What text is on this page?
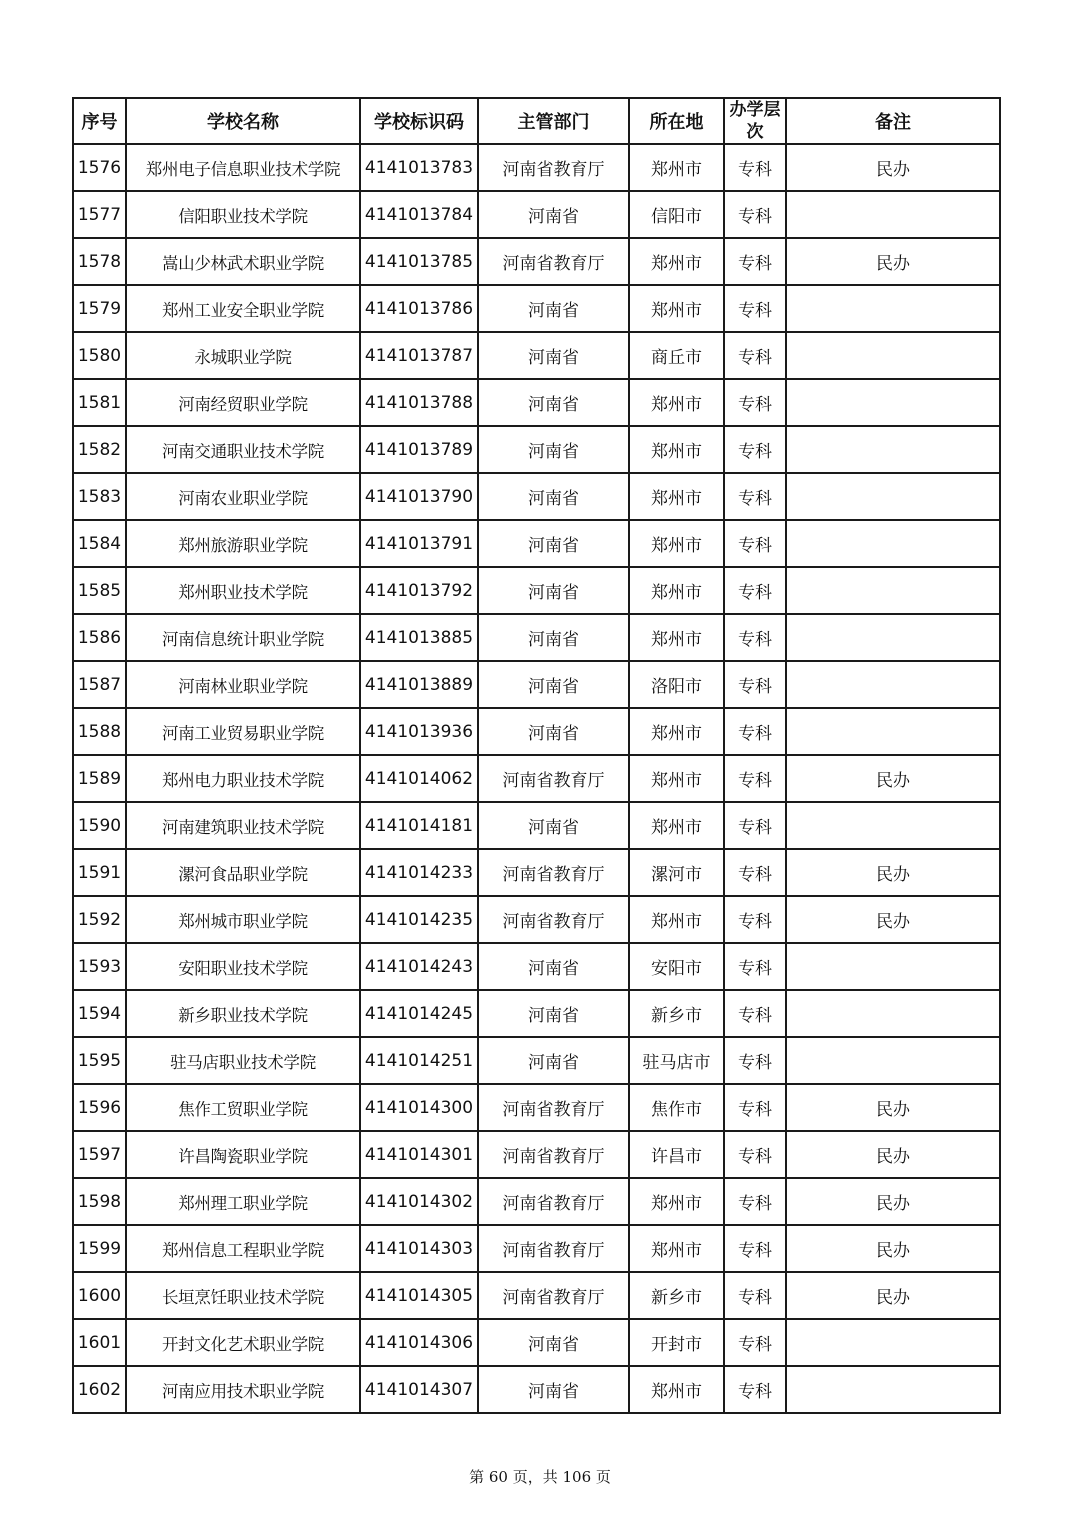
序号	学校名称	学校标识码	主管部门	所在地	办学层次	备注
1576	郑州电子信息职业技术学院	4141013783	河南省教育厅	郑州市	专科	民办
1577	信阳职业技术学院	4141013784	河南省	信阳市	专科	
1578	嵩山少林武术职业学院	4141013785	河南省教育厅	郑州市	专科	民办
1579	郑州工业安全职业学院	4141013786	河南省	郑州市	专科	
1580	永城职业学院	4141013787	河南省	商丘市	专科	
1581	河南经贸职业学院	4141013788	河南省	郑州市	专科	
1582	河南交通职业技术学院	4141013789	河南省	郑州市	专科	
1583	河南农业职业学院	4141013790	河南省	郑州市	专科	
1584	郑州旅游职业学院	4141013791	河南省	郑州市	专科	
1585	郑州职业技术学院	4141013792	河南省	郑州市	专科	
1586	河南信息统计职业学院	4141013885	河南省	郑州市	专科	
1587	河南林业职业学院	4141013889	河南省	洛阳市	专科	
1588	河南工业贸易职业学院	4141013936	河南省	郑州市	专科	
1589	郑州电力职业技术学院	4141014062	河南省教育厅	郑州市	专科	民办
1590	河南建筑职业技术学院	4141014181	河南省	郑州市	专科	
1591	漯河食品职业学院	4141014233	河南省教育厅	漯河市	专科	民办
1592	郑州城市职业学院	4141014235	河南省教育厅	郑州市	专科	民办
1593	安阳职业技术学院	4141014243	河南省	安阳市	专科	
1594	新乡职业技术学院	4141014245	河南省	新乡市	专科	
1595	驻马店职业技术学院	4141014251	河南省	驻马店市	专科	
1596	焦作工贸职业学院	4141014300	河南省教育厅	焦作市	专科	民办
1597	许昌陶瓷职业学院	4141014301	河南省教育厅	许昌市	专科	民办
1598	郑州理工职业学院	4141014302	河南省教育厅	郑州市	专科	民办
1599	郑州信息工程职业学院	4141014303	河南省教育厅	郑州市	专科	民办
1600	长垣烹饪职业技术学院	4141014305	河南省教育厅	新乡市	专科	民办
1601	开封文化艺术职业学院	4141014306	河南省	开封市	专科	
1602	河南应用技术职业学院	4141014307	河南省	郑州市	专科	
第 60 页，共 106 页
